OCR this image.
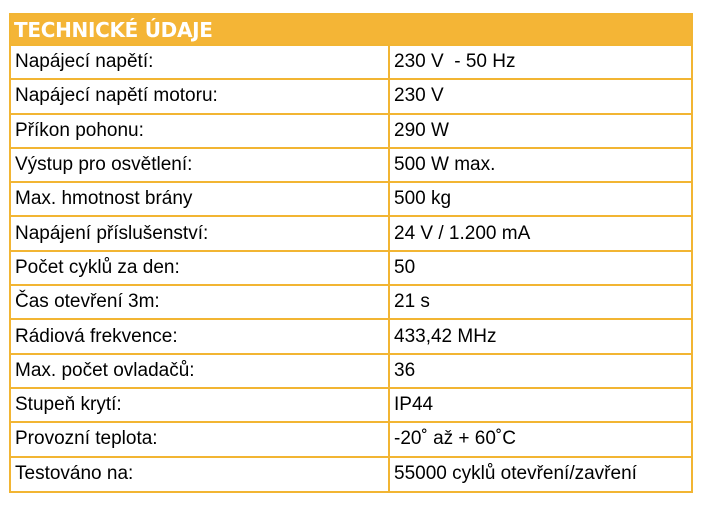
TECHNICKÉ ÚDAJE
Napájecí napětí:	230 V  - 50 Hz
Napájecí napětí motoru:	230 V
Příkon pohonu:	290 W
Výstup pro osvětlení:	500 W max.
Max. hmotnost brány	500 kg
Napájení příslušenství:	24 V / 1.200 mA
Počet cyklů za den:	50
Čas otevření 3m:	21 s
Rádiová frekvence:	433,42 MHz
Max. počet ovladačů:	36
Stupeň krytí:	IP44
Provozní teplota:	-20˚ až + 60˚C
Testováno na:	55000 cyklů otevření/zavření
